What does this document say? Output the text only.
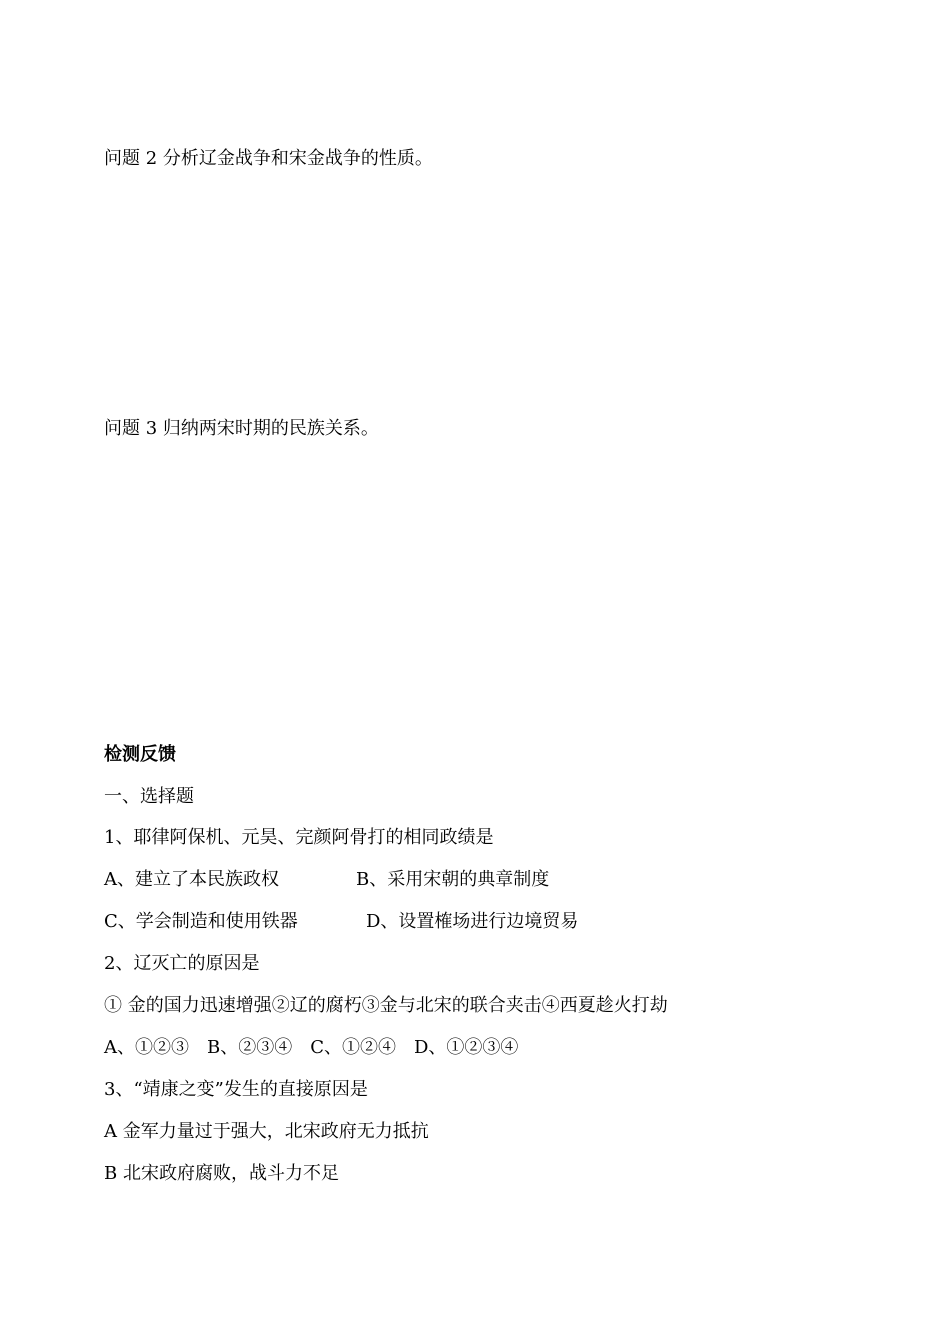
问题 2 分析辽金战争和宋金战争的性质。
问题 3 归纳两宋时期的民族关系。
检测反馈
一、选择题
1、耶律阿保机、元昊、完颜阿骨打的相同政绩是
A、建立了本民族政权	B、采用宋朝的典章制度
C、学会制造和使用铁器	D、设置榷场进行边境贸易
2、辽灭亡的原因是
① 金的国力迅速增强②辽的腐朽③金与北宋的联合夹击④西夏趁火打劫
A、①②③　B、②③④　C、①②④　D、①②③④
3、“靖康之变”发生的直接原因是
A 金军力量过于强大，北宋政府无力抵抗
B 北宋政府腐败，战斗力不足
